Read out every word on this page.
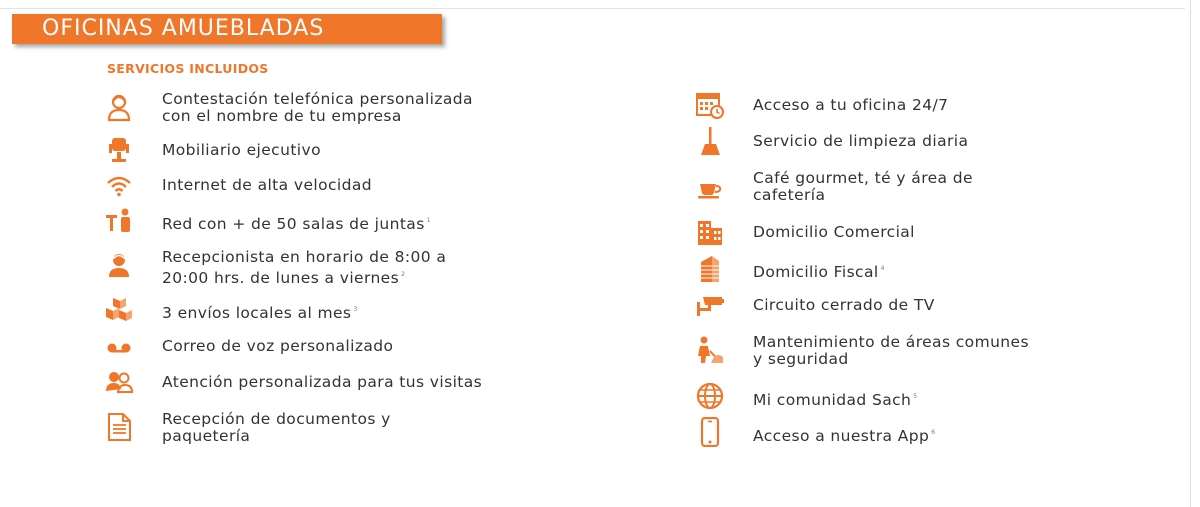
OFICINAS AMUEBLADAS
SERVICIOS INCLUIDOS
Contestación telefónica personalizada
con el nombre de tu empresa
Mobiliario ejecutivo
Internet de alta velocidad
Red con + de 50 salas de juntas $^1$
Recepcionista en horario de 8:00 a
20:00 hrs. de lunes a viernes $^2$
3 envíos locales al mes $^3$
Correo de voz personalizado
Atención personalizada para tus visitas
Recepción de documentos y
paquetería
Acceso a tu oficina 24/7
Servicio de limpieza diaria
Café gourmet, té y área de
cafetería
Domicilio Comercial
Domicilio Fiscal $^4$
Circuito cerrado de TV
Mantenimiento de áreas comunes
y seguridad
Mi comunidad Sach $^5$
Acceso a nuestra App $^6$
